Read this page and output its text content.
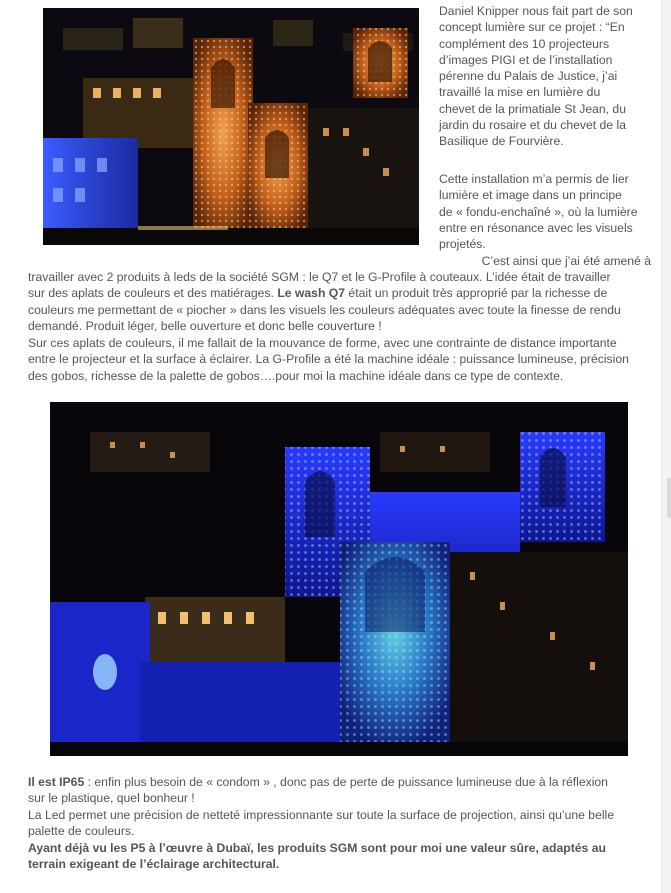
Daniel Knipper nous fait part de son
concept lumière sur ce projet : “En
complément des 10 projecteurs
d’images PIGI et de l’installation
pérenne du Palais de Justice, j’ai
travaillé la mise en lumière du
chevet de la primatiale St Jean, du
jardin du rosaire et du chevet de la
Basilique de Fourvière.

Cette installation m’a permis de lier
lumière et image dans un principe
de « fondu-enchaîné », où la lumière
entre en résonance avec les visuels
projetés.

C’est ainsi que j’ai été amené à

travailler avec 2 produits à leds de la société SGM : le Q7 et le G-Profile à couteaux. L’idée était de travailler
sur des aplats de couleurs et des matiérages. Le wash Q7 était un produit très approprié par la richesse de
couleurs me permettant de « piocher » dans les visuels les couleurs adéquates avec toute la finesse de rendu
demandé. Produit léger, belle ouverture et donc belle couverture !

Sur ces aplats de couleurs, il me fallait de la mouvance de forme, avec une contrainte de distance importante
entre le projecteur et la surface à éclairer. La G-Profile a été la machine idéale : puissance lumineuse, précision
des gobos, richesse de la palette de gobos….pour moi la machine idéale dans ce type de contexte.

Il est IP65 : enfin plus besoin de « condom » , donc pas de perte de puissance lumineuse due à la réflexion
sur le plastique, quel bonheur !

La Led permet une précision de netteté impressionnante sur toute la surface de projection, ainsi qu’une belle
palette de couleurs.

Ayant déjà vu les P5 à l’œuvre à Dubaï, les produits SGM sont pour moi une valeur sûre, adaptés au
terrain exigeant de l’éclairage architectural.
